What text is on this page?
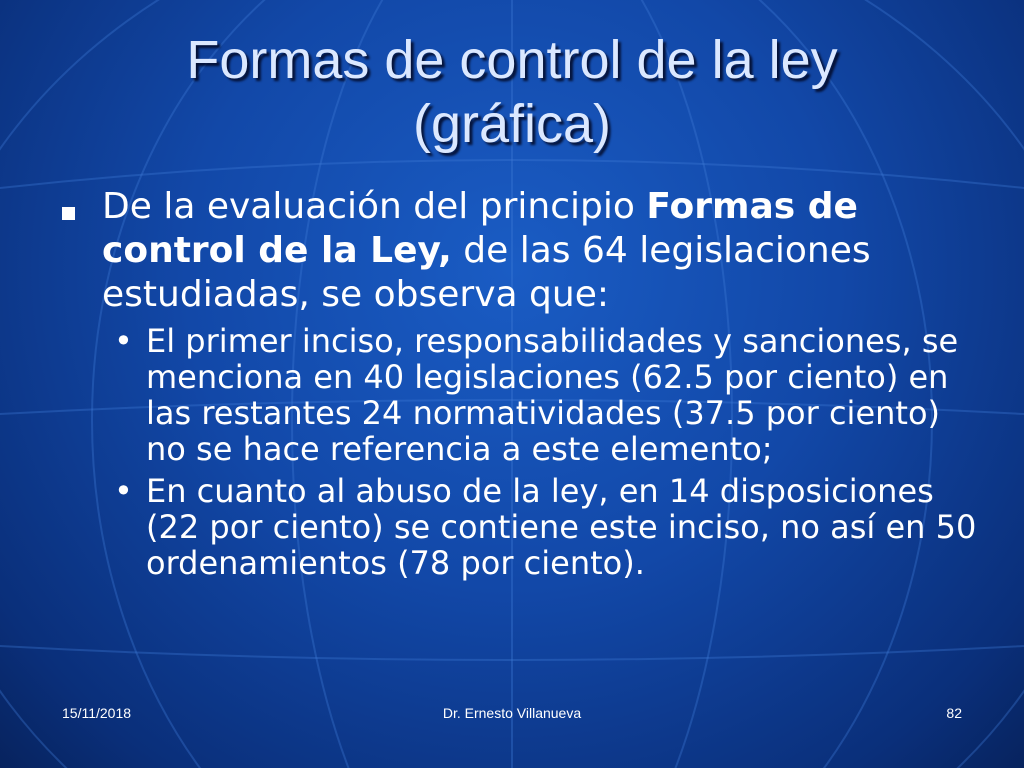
Formas de control de la ley
(gráfica)
De la evaluación del principio Formas de control de la Ley, de las 64 legislaciones estudiadas, se observa que:
• El primer inciso, responsabilidades y sanciones, se menciona en 40 legislaciones (62.5 por ciento) en las restantes 24 normatividades (37.5 por ciento) no se hace referencia a este elemento;
• En cuanto al abuso de la ley, en 14 disposiciones (22 por ciento) se contiene este inciso, no así en 50 ordenamientos (78 por ciento).
15/11/2018	Dr. Ernesto Villanueva	82
